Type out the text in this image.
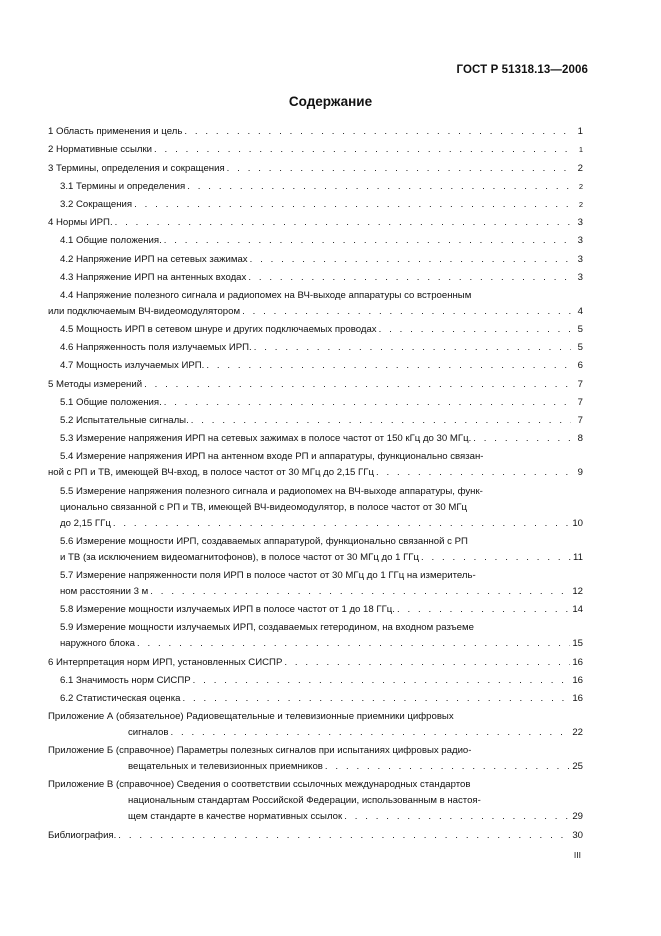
ГОСТ Р 51318.13—2006
Содержание
1 Область применения и цель . . .	1
2 Нормативные ссылки . . .	1
3 Термины, определения и сокращения . . .	2
3.1 Термины и определения . . .	2
3.2 Сокращения . . .	2
4 Нормы ИРП. . . .	3
4.1 Общие положения. . . .	3
4.2 Напряжение ИРП на сетевых зажимах . . .	3
4.3 Напряжение ИРП на антенных входах . . .	3
4.4 Напряжение полезного сигнала и радиопомех на ВЧ-выходе аппаратуры со встроенным
или подключаемым ВЧ-видеомодулятором . . .	4
4.5 Мощность ИРП в сетевом шнуре и других подключаемых проводах . . .	5
4.6 Напряженность поля излучаемых ИРП. . . .	5
4.7 Мощность излучаемых ИРП. . . .	6
5 Методы измерений . . .	7
5.1 Общие положения. . . .	7
5.2 Испытательные сигналы. . . .	7
5.3 Измерение напряжения ИРП на сетевых зажимах в полосе частот от 150 кГц до 30 МГц. . . .	8
5.4 Измерение напряжения ИРП на антенном входе РП и аппаратуры, функционально связан-
ной с РП и ТВ, имеющей ВЧ-вход, в полосе частот от 30 МГц до 2,15 ГГц . . .	9
5.5 Измерение напряжения полезного сигнала и радиопомех на ВЧ-выходе аппаратуры, функ-
ционально связанной с РП и ТВ, имеющей ВЧ-видеомодулятор, в полосе частот от 30 МГц
до 2,15 ГГц . . .	10
5.6 Измерение мощности ИРП, создаваемых аппаратурой, функционально связанной с РП
и ТВ (за исключением видеомагнитофонов), в полосе частот от 30 МГц до 1 ГГц . . .	11
5.7 Измерение напряженности поля ИРП в полосе частот от 30 МГц до 1 ГГц на измеритель-
ном расстоянии 3 м . . .	12
5.8 Измерение мощности излучаемых ИРП в полосе частот от 1 до 18 ГГц. . . .	14
5.9 Измерение мощности излучаемых ИРП, создаваемых гетеродином, на входном разъеме
наружного блока . . .	15
6 Интерпретация норм ИРП, установленных СИСПР . . .	16
6.1 Значимость норм СИСПР . . .	16
6.2 Статистическая оценка . . .	16
Приложение А (обязательное) Радиовещательные и телевизионные приемники цифровых
сигналов . . .	22
Приложение Б (справочное) Параметры полезных сигналов при испытаниях цифровых радио-
вещательных и телевизионных приемников . . .	25
Приложение В (справочное) Сведения о соответствии ссылочных международных стандартов
национальным стандартам Российской Федерации, использованным в настоя-
щем стандарте в качестве нормативных ссылок . . .	29
Библиография. . . .	30
III
